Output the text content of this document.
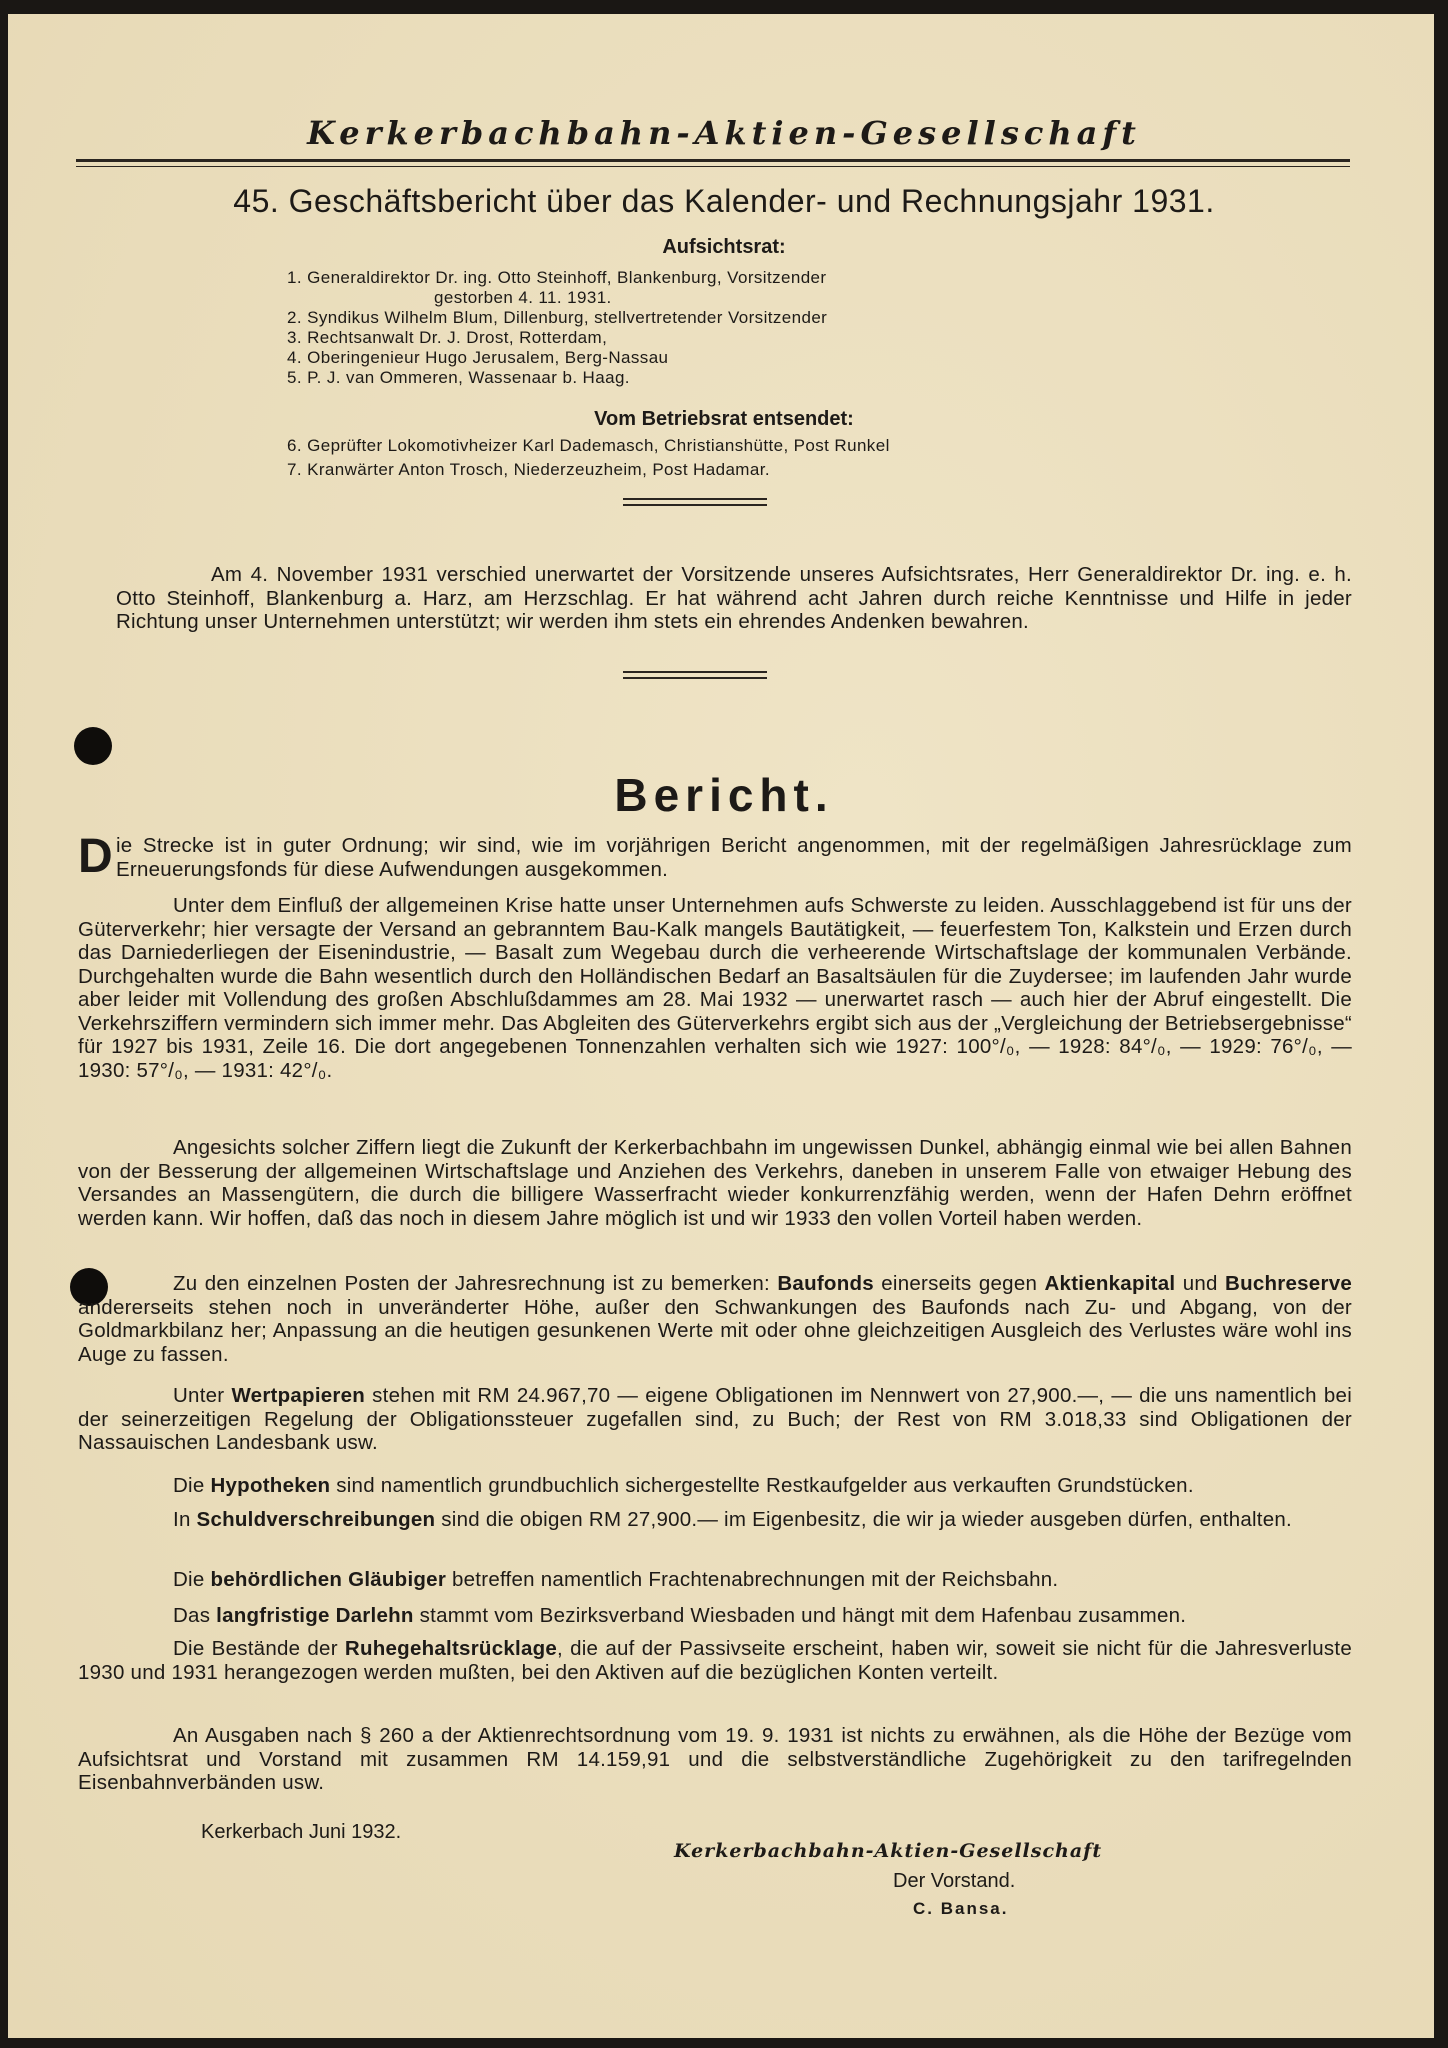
Kerkerbachbahn-Aktien-Gesellschaft
45. Geschäftsbericht über das Kalender- und Rechnungsjahr 1931.
Aufsichtsrat:
1. Generaldirektor Dr. ing. Otto Steinhoff, Blankenburg, Vorsitzender
gestorben 4. 11. 1931.
2. Syndikus Wilhelm Blum, Dillenburg, stellvertretender Vorsitzender
3. Rechtsanwalt Dr. J. Drost, Rotterdam,
4. Oberingenieur Hugo Jerusalem, Berg-Nassau
5. P. J. van Ommeren, Wassenaar b. Haag.
Vom Betriebsrat entsendet:
6. Geprüfter Lokomotivheizer Karl Dademasch, Christianshütte, Post Runkel
7. Kranwärter Anton Trosch, Niederzeuzheim, Post Hadamar.
Am 4. November 1931 verschied unerwartet der Vorsitzende unseres Aufsichtsrates, Herr Generaldirektor Dr. ing. e. h. Otto Steinhoff, Blankenburg a. Harz, am Herzschlag. Er hat während acht Jahren durch reiche Kenntnisse und Hilfe in jeder Richtung unser Unternehmen unterstützt; wir werden ihm stets ein ehrendes Andenken bewahren.
Bericht.
D ie Strecke ist in guter Ordnung; wir sind, wie im vorjährigen Bericht angenommen, mit der regelmäßigen Jahresrücklage zum Erneuerungsfonds für diese Aufwendungen ausgekommen.
Unter dem Einfluß der allgemeinen Krise hatte unser Unternehmen aufs Schwerste zu leiden. Ausschlaggebend ist für uns der Güterverkehr; hier versagte der Versand an gebranntem Bau-Kalk mangels Bautätigkeit, — feuerfestem Ton, Kalkstein und Erzen durch das Darniederliegen der Eisenindustrie, — Basalt zum Wegebau durch die verheerende Wirtschaftslage der kommunalen Verbände. Durchgehalten wurde die Bahn wesentlich durch den Holländischen Bedarf an Basaltsäulen für die Zuydersee; im laufenden Jahr wurde aber leider mit Vollendung des großen Abschlußdammes am 28. Mai 1932 — unerwartet rasch — auch hier der Abruf eingestellt. Die Verkehrsziffern vermindern sich immer mehr. Das Abgleiten des Güterverkehrs ergibt sich aus der „Vergleichung der Betriebsergebnisse“ für 1927 bis 1931, Zeile 16. Die dort angegebenen Tonnenzahlen verhalten sich wie 1927: 100°/₀, — 1928: 84°/₀, — 1929: 76°/₀, — 1930: 57°/₀, — 1931: 42°/₀.
Angesichts solcher Ziffern liegt die Zukunft der Kerkerbachbahn im ungewissen Dunkel, abhängig einmal wie bei allen Bahnen von der Besserung der allgemeinen Wirtschaftslage und Anziehen des Verkehrs, daneben in unserem Falle von etwaiger Hebung des Versandes an Massengütern, die durch die billigere Wasserfracht wieder konkurrenzfähig werden, wenn der Hafen Dehrn eröffnet werden kann. Wir hoffen, daß das noch in diesem Jahre möglich ist und wir 1933 den vollen Vorteil haben werden.
Zu den einzelnen Posten der Jahresrechnung ist zu bemerken: Baufonds einerseits gegen Aktienkapital und Buchreserve andererseits stehen noch in unveränderter Höhe, außer den Schwankungen des Baufonds nach Zu- und Abgang, von der Goldmarkbilanz her; Anpassung an die heutigen gesunkenen Werte mit oder ohne gleichzeitigen Ausgleich des Verlustes wäre wohl ins Auge zu fassen.
Unter Wertpapieren stehen mit RM 24.967,70 — eigene Obligationen im Nennwert von 27,900.—, — die uns namentlich bei der seinerzeitigen Regelung der Obligationssteuer zugefallen sind, zu Buch; der Rest von RM 3.018,33 sind Obligationen der Nassauischen Landesbank usw.
Die Hypotheken sind namentlich grundbuchlich sichergestellte Restkaufgelder aus verkauften Grundstücken.
In Schuldverschreibungen sind die obigen RM 27,900.— im Eigenbesitz, die wir ja wieder ausgeben dürfen, enthalten.
Die behördlichen Gläubiger betreffen namentlich Frachtenabrechnungen mit der Reichsbahn.
Das langfristige Darlehn stammt vom Bezirksverband Wiesbaden und hängt mit dem Hafenbau zusammen.
Die Bestände der Ruhegehaltsrücklage, die auf der Passivseite erscheint, haben wir, soweit sie nicht für die Jahresverluste 1930 und 1931 herangezogen werden mußten, bei den Aktiven auf die bezüglichen Konten verteilt.
An Ausgaben nach § 260 a der Aktienrechtsordnung vom 19. 9. 1931 ist nichts zu erwähnen, als die Höhe der Bezüge vom Aufsichtsrat und Vorstand mit zusammen RM 14.159,91 und die selbstverständliche Zugehörigkeit zu den tarifregelnden Eisenbahnverbänden usw.
Kerkerbach Juni 1932.
Kerkerbachbahn-Aktien-Gesellschaft
Der Vorstand.
C. Bansa.
